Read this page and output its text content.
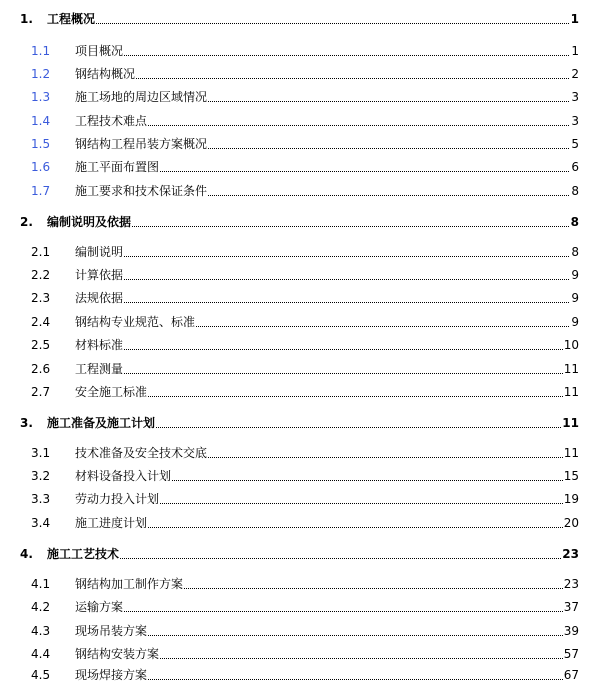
1. 工程概况	1
1.1 项目概况	1
1.2 钢结构概况	2
1.3 施工场地的周边区域情况	3
1.4 工程技术难点	3
1.5 钢结构工程吊装方案概况	5
1.6 施工平面布置图	6
1.7 施工要求和技术保证条件	8
2. 编制说明及依据	8
2.1 编制说明	8
2.2 计算依据	9
2.3 法规依据	9
2.4 钢结构专业规范、标准	9
2.5 材料标准	10
2.6 工程测量	11
2.7 安全施工标准	11
3. 施工准备及施工计划	11
3.1 技术准备及安全技术交底	11
3.2 材料设备投入计划	15
3.3 劳动力投入计划	19
3.4 施工进度计划	20
4. 施工工艺技术	23
4.1 钢结构加工制作方案	23
4.2 运输方案	37
4.3 现场吊装方案	39
4.4 钢结构安装方案	57
4.5 现场焊接方案	67
